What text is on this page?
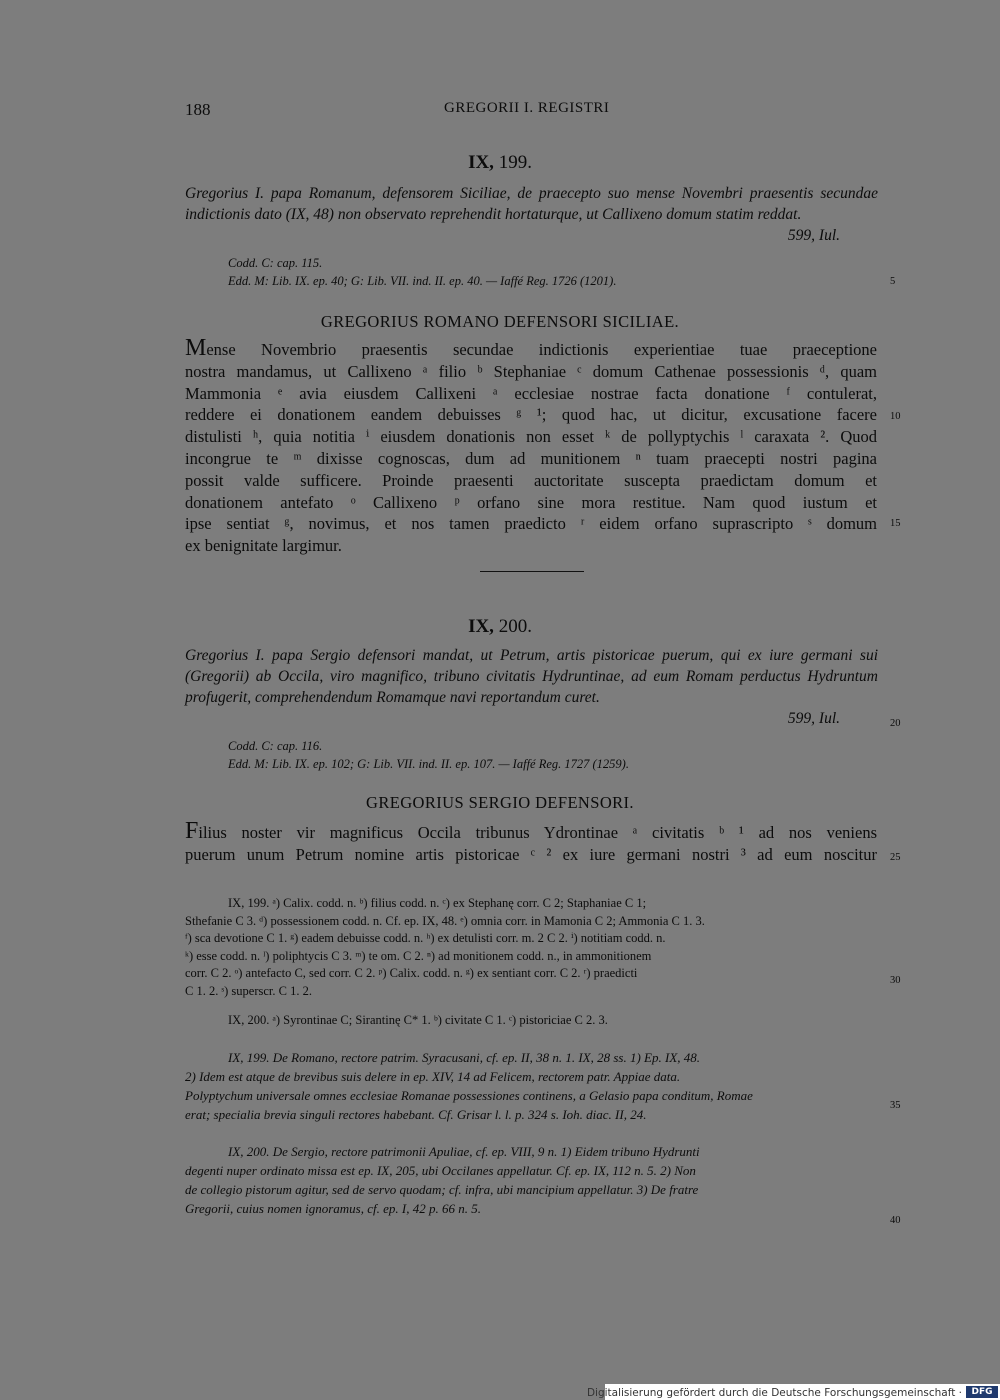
188	GREGORII I. REGISTRI
IX, 199.
Gregorius I. papa Romanum, defensorem Siciliae, de praecepto suo mense Novembri praesentis secundae indictionis dato (IX, 48) non observato reprehendit hortaturque, ut Callixeno domum statim reddat.
599, Iul.
Codd. C: cap. 115.
Edd. M: Lib. IX. ep. 40; G: Lib. VII. ind. II. ep. 40. — Iaffé Reg. 1726 (1201).
GREGORIUS ROMANO DEFENSORI SICILIAE.
Mense Novembrio praesentis secundae indictionis experientiae tuae praeceptione
nostra mandamus, ut Callixeno ᵃ filio ᵇ Stephaniae ᶜ domum Cathenae possessionis ᵈ, quam
Mammonia ᵉ avia eiusdem Callixeni ᵃ ecclesiae nostrae facta donatione ᶠ contulerat,
reddere ei donationem eandem debuisses ᵍ ¹; quod hac, ut dicitur, excusatione facere
distulisti ʰ, quia notitia ⁱ eiusdem donationis non esset ᵏ de pollyptychis ˡ caraxata ². Quod
incongrue te ᵐ dixisse cognoscas, dum ad munitionem ⁿ tuam praecepti nostri pagina
possit valde sufficere. Proinde praesenti auctoritate suscepta praedictam domum et
donationem antefato ᵒ Callixeno ᵖ orfano sine mora restitue. Nam quod iustum et
ipse sentiat ᵍ, novimus, et nos tamen praedicto ʳ eidem orfano suprascripto ˢ domum
ex benignitate largimur.
IX, 200.
Gregorius I. papa Sergio defensori mandat, ut Petrum, artis pistoricae puerum, qui ex iure germani sui (Gregorii) ab Occila, viro magnifico, tribuno civitatis Hydruntinae, ad eum Romam perductus Hydruntum profugerit, comprehendendum Romamque navi reportandum curet.
599, Iul.
Codd. C: cap. 116.
Edd. M: Lib. IX. ep. 102; G: Lib. VII. ind. II. ep. 107. — Iaffé Reg. 1727 (1259).
GREGORIUS SERGIO DEFENSORI.
Filius noster vir magnificus Occila tribunus Ydrontinae ᵃ civitatis ᵇ ¹ ad nos veniens
puerum unum Petrum nomine artis pistoricae ᶜ ² ex iure germani nostri ³ ad eum noscitur
5
10
15
20
25
30
35
40
IX, 199. ᵃ) Calix. codd. n. ᵇ) filius codd. n. ᶜ) ex Stephanę corr. C 2; Staphaniae C 1;
Sthefanie C 3. ᵈ) possessionem codd. n. Cf. ep. IX, 48. ᵉ) omnia corr. in Mamonia C 2; Ammonia C 1. 3.
ᶠ) sca devotione C 1. ᵍ) eadem debuisse codd. n. ʰ) ex detulisti corr. m. 2 C 2. ⁱ) notitiam codd. n.
ᵏ) esse codd. n. ˡ) poliphtycis C 3. ᵐ) te om. C 2. ⁿ) ad monitionem codd. n., in ammonitionem
corr. C 2. ᵒ) antefacto C, sed corr. C 2. ᵖ) Calix. codd. n. ᵍ) ex sentiant corr. C 2. ʳ) praedicti
C 1. 2. ˢ) superscr. C 1. 2.
IX, 200. ᵃ) Syrontinae C; Sirantinę C* 1. ᵇ) civitate C 1. ᶜ) pistoriciae C 2. 3.
IX, 199. De Romano, rectore patrim. Syracusani, cf. ep. II, 38 n. 1. IX, 28 ss. 1) Ep. IX, 48.
2) Idem est atque de brevibus suis delere in ep. XIV, 14 ad Felicem, rectorem patr. Appiae data.
Polyptychum universale omnes ecclesiae Romanae possessiones continens, a Gelasio papa conditum, Romae
erat; specialia brevia singuli rectores habebant. Cf. Grisar l. l. p. 324 s. Ioh. diac. II, 24.
IX, 200. De Sergio, rectore patrimonii Apuliae, cf. ep. VIII, 9 n. 1) Eidem tribuno Hydrunti
degenti nuper ordinato missa est ep. IX, 205, ubi Occilanes appellatur. Cf. ep. IX, 112 n. 5. 2) Non
de collegio pistorum agitur, sed de servo quodam; cf. infra, ubi mancipium appellatur. 3) De fratre
Gregorii, cuius nomen ignoramus, cf. ep. I, 42 p. 66 n. 5.
Digitalisierung gefördert durch die Deutsche Forschungsgemeinschaft ·	DFG
